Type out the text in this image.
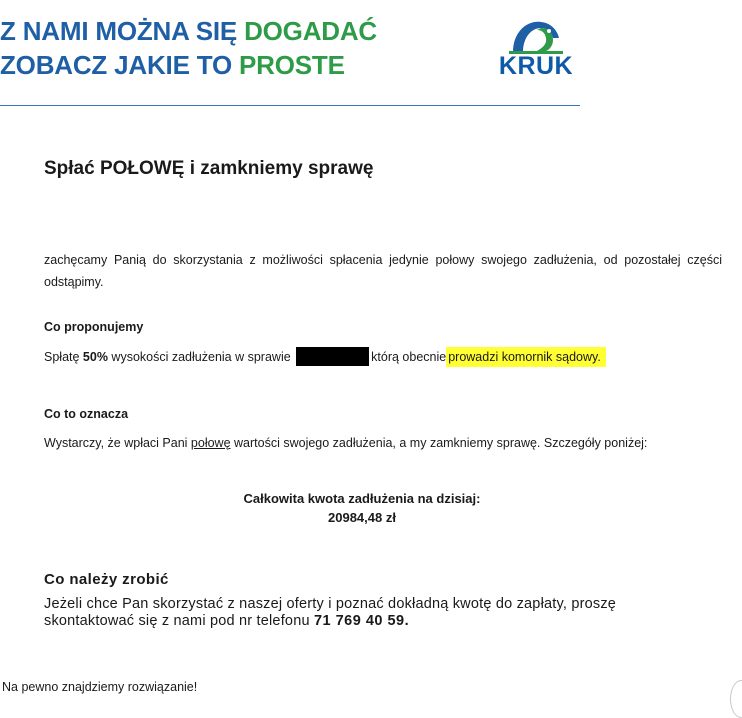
Z NAMI MOŻNA SIĘ DOGADAĆ
ZOBACZ JAKIE TO PROSTE	KRUK
Spłać POŁOWĘ i zamkniemy sprawę
zachęcamy Panią do skorzystania z możliwości spłacenia jedynie połowy swojego zadłużenia, od pozostałej części odstąpimy.
Co proponujemy
Spłatę 50% wysokości zadłużenia w sprawie	którą obecnie prowadzi komornik sądowy.
Co to oznacza
Wystarczy, że wpłaci Pani połowę wartości swojego zadłużenia, a my zamkniemy sprawę. Szczegóły poniżej:
Całkowita kwota zadłużenia na dzisiaj:
20984,48 zł
Co należy zrobić
Jeżeli chce Pan skorzystać z naszej oferty i poznać dokładną kwotę do zapłaty, proszę
skontaktować się z nami pod nr telefonu 71 769 40 59.
Na pewno znajdziemy rozwiązanie!
